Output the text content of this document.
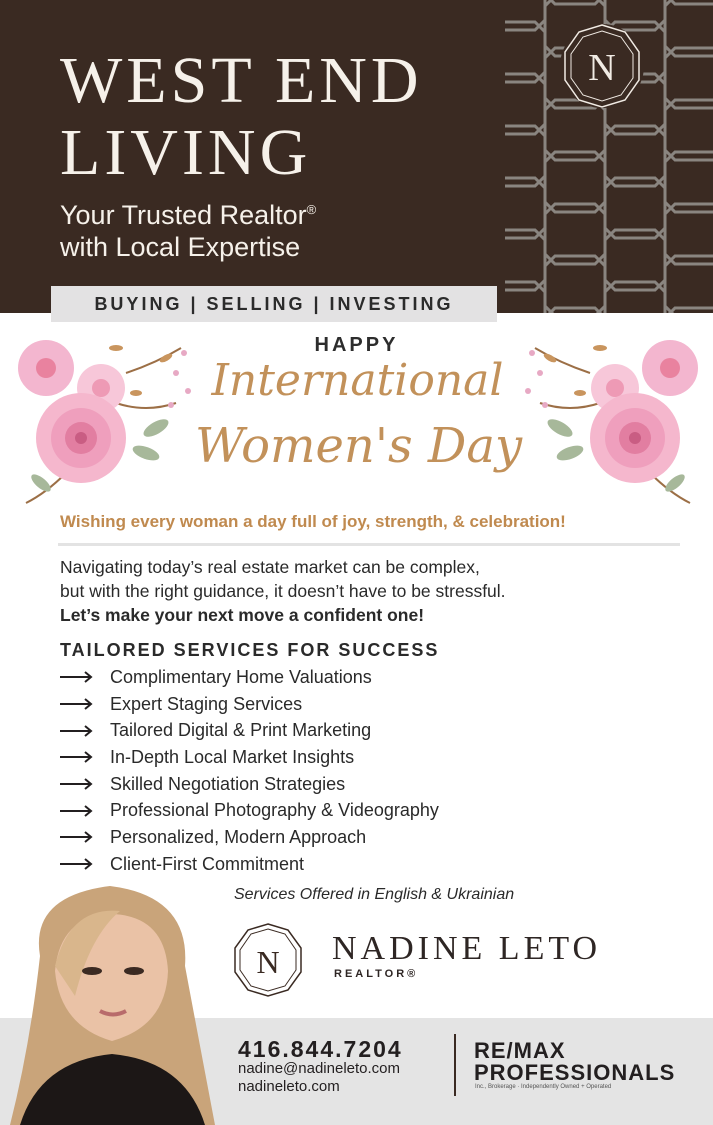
WEST END
LIVING
Your Trusted Realtor®
with Local Expertise
N
BUYING | SELLING | INVESTING
HAPPY
International
Women's Day
Wishing every woman a day full of joy, strength, & celebration!
Navigating today’s real estate market can be complex,
but with the right guidance, it doesn’t have to be stressful.
Let’s make your next move a confident one!
TAILORED SERVICES FOR SUCCESS
Complimentary Home Valuations
Expert Staging Services
Tailored Digital & Print Marketing
In-Depth Local Market Insights
Skilled Negotiation Strategies
Professional Photography & Videography
Personalized, Modern Approach
Client-First Commitment
Services Offered in English & Ukrainian
N NADINE LETO
REALTOR®
416.844.7204
nadine@nadineleto.com
nadineleto.com
RE/MAX
PROFESSIONALS
Inc., Brokerage · Independently Owned + Operated
